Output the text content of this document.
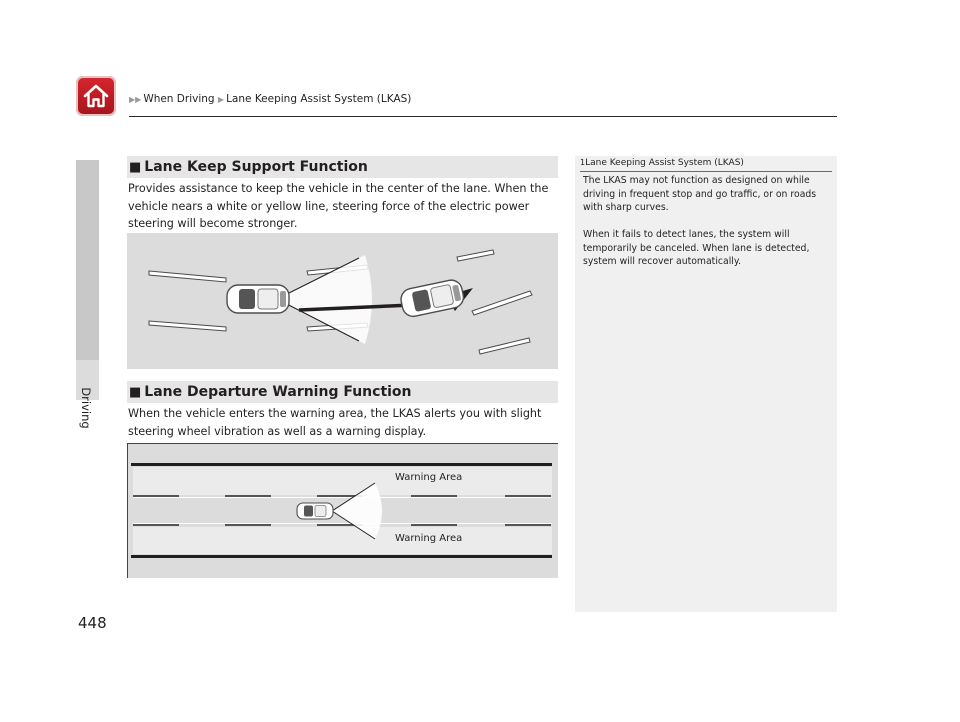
▶▶ When Driving ▶ Lane Keeping Assist System (LKAS)
Driving
■ Lane Keep Support Function
Provides assistance to keep the vehicle in the center of the lane. When the vehicle nears a white or yellow line, steering force of the electric power steering will become stronger.
■ Lane Departure Warning Function
When the vehicle enters the warning area, the LKAS alerts you with slight steering wheel vibration as well as a warning display.
Warning Area
Warning Area
1Lane Keeping Assist System (LKAS)
The LKAS may not function as designed on while driving in frequent stop and go traffic, or on roads with sharp curves.
When it fails to detect lanes, the system will temporarily be canceled. When lane is detected, system will recover automatically.
448
